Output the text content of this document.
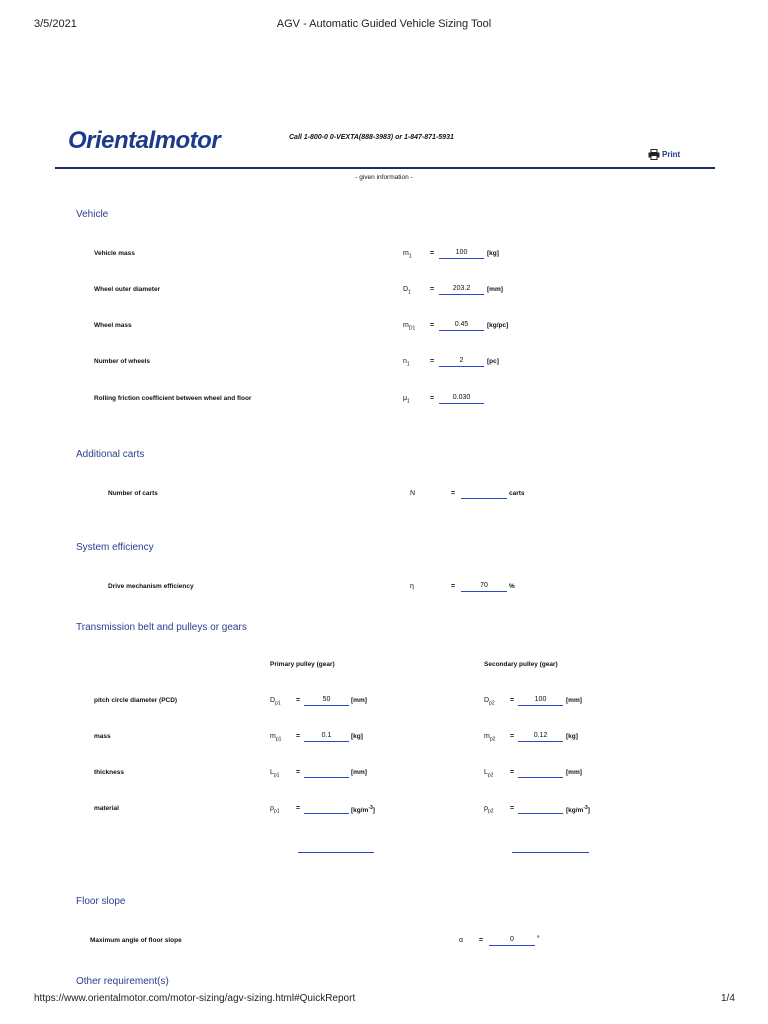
3/5/2021	AGV - Automatic Guided Vehicle Sizing Tool
Orientalmotor	Call 1-800-0 0-VEXTA(888-3983) or 1-847-871-5931
Print
- given information -
Vehicle
Vehicle mass	$m_1$	=	100	[kg]
Wheel outer diameter	$D_1$	=	203.2	[mm]
Wheel mass	$m_{D1}$ =	0.45	[kg/pc]
Number of wheels	$n_1$	=	2	[pc]
Rolling friction coefficient between wheel and floor	$\mu_1$	=	0.030
Additional carts
Number of carts	N	=	carts
System efficiency
Drive mechanism efficiency	η	=	70	%
Transmission belt and pulleys or gears
Primary pulley (gear)	Secondary pulley (gear)
pitch circle diameter (PCD)	$D_{p1}$ =	50	[mm]	$D_{p2}$ =	100	[mm]
mass	$m_{p1}$ =	0.1	[kg]	$m_{p2}$ =	0.12	[kg]
thickness	$L_{p1}$ =	[mm]	$L_{p2}$ =	[mm]
material	$\rho_{p1}$ =	$[kg/m^{-3}]$	$\rho_{p2}$ =	$[kg/m^{-3}]$
Floor slope
Maximum angle of floor slope	α =	0	°
Other requirement(s)
https://www.orientalmotor.com/motor-sizing/agv-sizing.html#QuickReport	1/4
